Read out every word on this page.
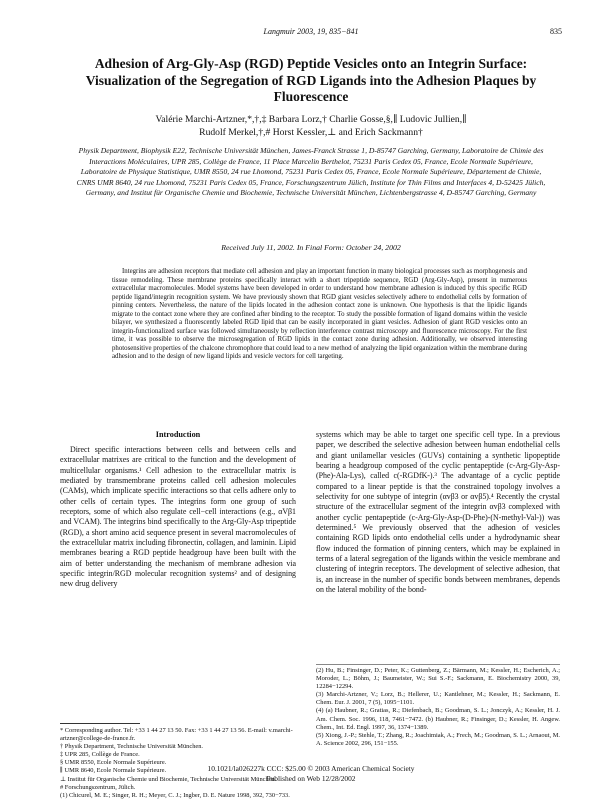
Langmuir 2003, 19, 835−841	835
Adhesion of Arg-Gly-Asp (RGD) Peptide Vesicles onto an Integrin Surface: Visualization of the Segregation of RGD Ligands into the Adhesion Plaques by Fluorescence
Valérie Marchi-Artzner,*,†,‡ Barbara Lorz,† Charlie Gosse,§,∥ Ludovic Jullien,∥
Rudolf Merkel,†,# Horst Kessler,⊥ and Erich Sackmann†
Physik Department, Biophysik E22, Technische Universität München, James-Franck Strasse 1, D-85747 Garching, Germany, Laboratoire de Chimie des Interactions Moléculaires, UPR 285, Collège de France, 11 Place Marcelin Berthelot, 75231 Paris Cedex 05, France, Ecole Normale Supérieure, Laboratoire de Physique Statistique, UMR 8550, 24 rue Lhomond, 75231 Paris Cedex 05, France, Ecole Normale Supérieure, Département de Chimie, CNRS UMR 8640, 24 rue Lhomond, 75231 Paris Cedex 05, France, Forschungszentrum Jülich, Institute for Thin Films and Interfaces 4, D-52425 Jülich, Germany, and Institut für Organische Chemie und Biochemie, Technische Universität München, Lichtenbergstrasse 4, D-85747 Garching, Germany
Received July 11, 2002. In Final Form: October 24, 2002
Integrins are adhesion receptors that mediate cell adhesion and play an important function in many biological processes such as morphogenesis and tissue remodeling. These membrane proteins specifically interact with a short tripeptide sequence, RGD (Arg-Gly-Asp), present in numerous extracellular macromolecules. Model systems have been developed in order to understand how membrane adhesion is induced by this specific RGD peptide ligand/integrin recognition system. We have previously shown that RGD giant vesicles selectively adhere to endothelial cells by formation of pinning centers. Nevertheless, the nature of the lipids located in the adhesion contact zone is unknown. One hypothesis is that the lipidic ligands migrate to the contact zone where they are confined after binding to the receptor. To study the possible formation of ligand domains within the vesicle bilayer, we synthesized a fluorescently labeled RGD lipid that can be easily incorporated in giant vesicles. Adhesion of giant RGD vesicles onto an integrin-functionalized surface was followed simultaneously by reflection interference contrast microscopy and fluorescence microscopy. For the first time, it was possible to observe the microsegregation of RGD lipids in the contact zone during adhesion. Additionally, we observed interesting photosensitive properties of the chalcone chromophore that could lead to a new method of analyzing the lipid organization within the membrane during adhesion and to the design of new ligand lipids and vesicle vectors for cell targeting.
Introduction

Direct specific interactions between cells and between cells and extracellular matrixes are critical to the function and the development of multicellular organisms.¹ Cell adhesion to the extracellular matrix is mediated by transmembrane proteins called cell adhesion molecules (CAMs), which implicate specific interactions so that cells adhere only to other cells of certain types. The integrins form one group of such receptors, some of which also regulate cell−cell interactions (e.g., αVβ1 and VCAM). The integrins bind specifically to the Arg-Gly-Asp tripeptide (RGD), a short amino acid sequence present in several macromolecules of the extracellular matrix including fibronectin, collagen, and laminin. Lipid membranes bearing a RGD peptide headgroup have been built with the aim of better understanding the mechanism of membrane adhesion via specific integrin/RGD molecular recognition systems² and of designing new drug delivery

systems which may be able to target one specific cell type. In a previous paper, we described the selective adhesion between human endothelial cells and giant unilamellar vesicles (GUVs) containing a synthetic lipopeptide bearing a headgroup composed of the cyclic pentapeptide (c-Arg-Gly-Asp-(Phe)-Ala-Lys), called c(-RGDfK-).³ The advantage of a cyclic peptide compared to a linear peptide is that the constrained topology involves a selectivity for one subtype of integrin (αvβ3 or αvβ5).⁴ Recently the crystal structure of the extracellular segment of the integrin αvβ3 complexed with another cyclic pentapeptide (c-Arg-Gly-Asp-(D-Phe)-(N-methyl-Val-)) was determined.⁵ We previously observed that the adhesion of vesicles containing RGD lipids onto endothelial cells under a hydrodynamic shear flow induced the formation of pinning centers, which may be explained in terms of a lateral segregation of the ligands within the vesicle membrane and clustering of integrin receptors. The development of selective adhesion, that is, an increase in the number of specific bonds between membranes, depends on the lateral mobility of the bond-

* Corresponding author. Tel: +33 1 44 27 13 50. Fax: +33 1 44 27 13 56. E-mail: v.marchi-artzner@college-de-france.fr.
† Physik Department, Technische Universität München.
‡ UPR 285, Collège de France.
§ UMR 8550, Ecole Normale Supérieure.
∥ UMR 8640, Ecole Normale Supérieure.
⊥ Institut für Organische Chemie und Biochemie, Technische Universität München.
# Forschungszentrum, Jülich.
(1) Chicurel, M. E.; Singer, R. H.; Meyer, C. J.; Ingber, D. E. Nature 1998, 392, 730−733.
(2) Hu, B.; Finsinger, D.; Peter, K.; Guttenberg, Z.; Bärmann, M.; Kessler, H.; Escherich, A.; Moroder, L.; Böhm, J.; Baumeister, W.; Sui S.-F.; Sackmann, E. Biochemistry 2000, 39, 12284−12294.
(3) Marchi-Artzner, V.; Lorz, B.; Hellerer, U.; Kantlehner, M.; Kessler, H.; Sackmann, E. Chem. Eur. J. 2001, 7 (5), 1095−1101.
(4) (a) Haubner, R.; Gratias, R.; Diefenbach, B.; Goodman, S. L.; Jonczyk, A.; Kessler, H. J. Am. Chem. Soc. 1996, 118, 7461−7472. (b) Haubner, R.; Finsinger, D.; Kessler, H. Angew. Chem., Int. Ed. Engl. 1997, 36, 1374−1389.
(5) Xiong, J.-P.; Stehle, T.; Zhang, R.; Joachimiak, A.; Frech, M.; Goodman, S. L.; Arnaout, M. A. Science 2002, 296, 151−155.
10.1021/la026227k CCC: $25.00 © 2003 American Chemical Society
Published on Web 12/28/2002
